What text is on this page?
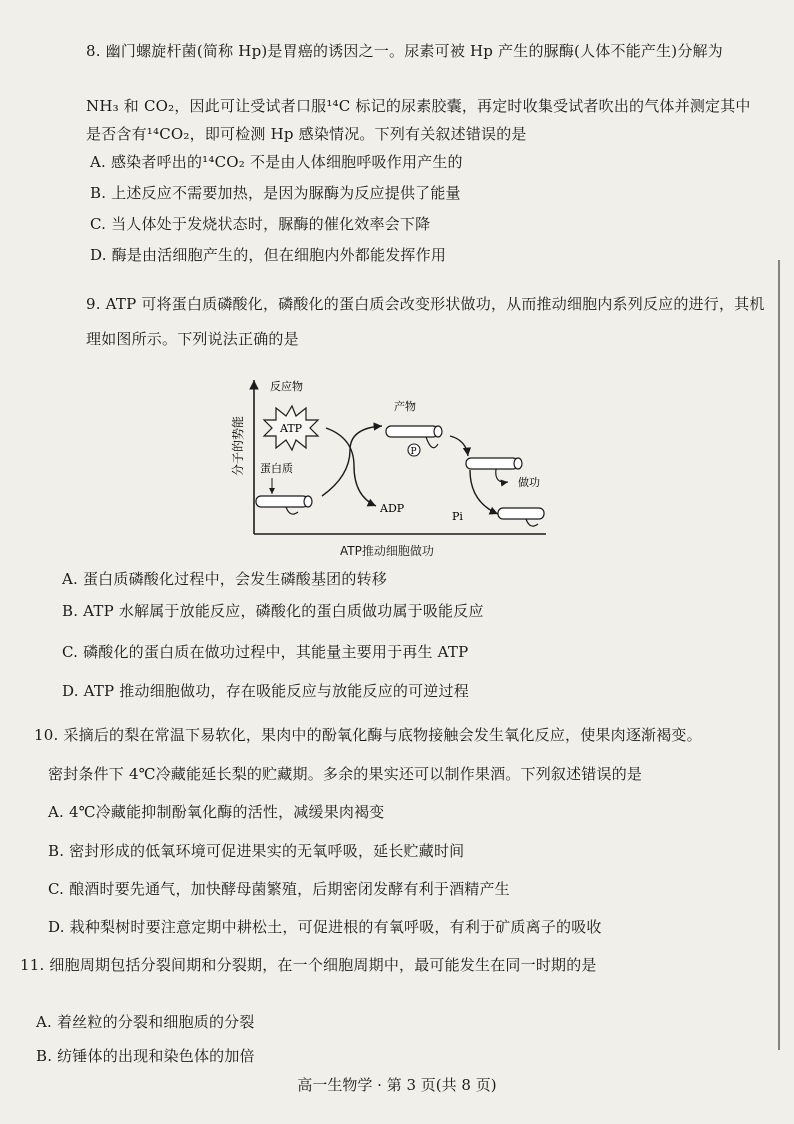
8. 幽门螺旋杆菌(简称 Hp)是胃癌的诱因之一。尿素可被 Hp 产生的脲酶(人体不能产生)分解为
NH₃ 和 CO₂，因此可让受试者口服¹⁴C 标记的尿素胶囊，再定时收集受试者吹出的气体并测定其中
是否含有¹⁴CO₂，即可检测 Hp 感染情况。下列有关叙述错误的是
A. 感染者呼出的¹⁴CO₂ 不是由人体细胞呼吸作用产生的
B. 上述反应不需要加热，是因为脲酶为反应提供了能量
C. 当人体处于发烧状态时，脲酶的催化效率会下降
D. 酶是由活细胞产生的，但在细胞内外都能发挥作用
9. ATP 可将蛋白质磷酸化，磷酸化的蛋白质会改变形状做功，从而推动细胞内系列反应的进行，其机
理如图所示。下列说法正确的是
分子的势能
反应物
ATP
蛋白质
ADP
产物
P
做功
Pi
ATP推动细胞做功
A. 蛋白质磷酸化过程中，会发生磷酸基团的转移
B. ATP 水解属于放能反应，磷酸化的蛋白质做功属于吸能反应
C. 磷酸化的蛋白质在做功过程中，其能量主要用于再生 ATP
D. ATP 推动细胞做功，存在吸能反应与放能反应的可逆过程
10. 采摘后的梨在常温下易软化，果肉中的酚氧化酶与底物接触会发生氧化反应，使果肉逐渐褐变。
密封条件下 4℃冷藏能延长梨的贮藏期。多余的果实还可以制作果酒。下列叙述错误的是
A. 4℃冷藏能抑制酚氧化酶的活性，减缓果肉褐变
B. 密封形成的低氧环境可促进果实的无氧呼吸，延长贮藏时间
C. 酿酒时要先通气，加快酵母菌繁殖，后期密闭发酵有利于酒精产生
D. 栽种梨树时要注意定期中耕松土，可促进根的有氧呼吸，有利于矿质离子的吸收
11. 细胞周期包括分裂间期和分裂期，在一个细胞周期中，最可能发生在同一时期的是
A. 着丝粒的分裂和细胞质的分裂
B. 纺锤体的出现和染色体的加倍
高一生物学 · 第 3 页(共 8 页)
